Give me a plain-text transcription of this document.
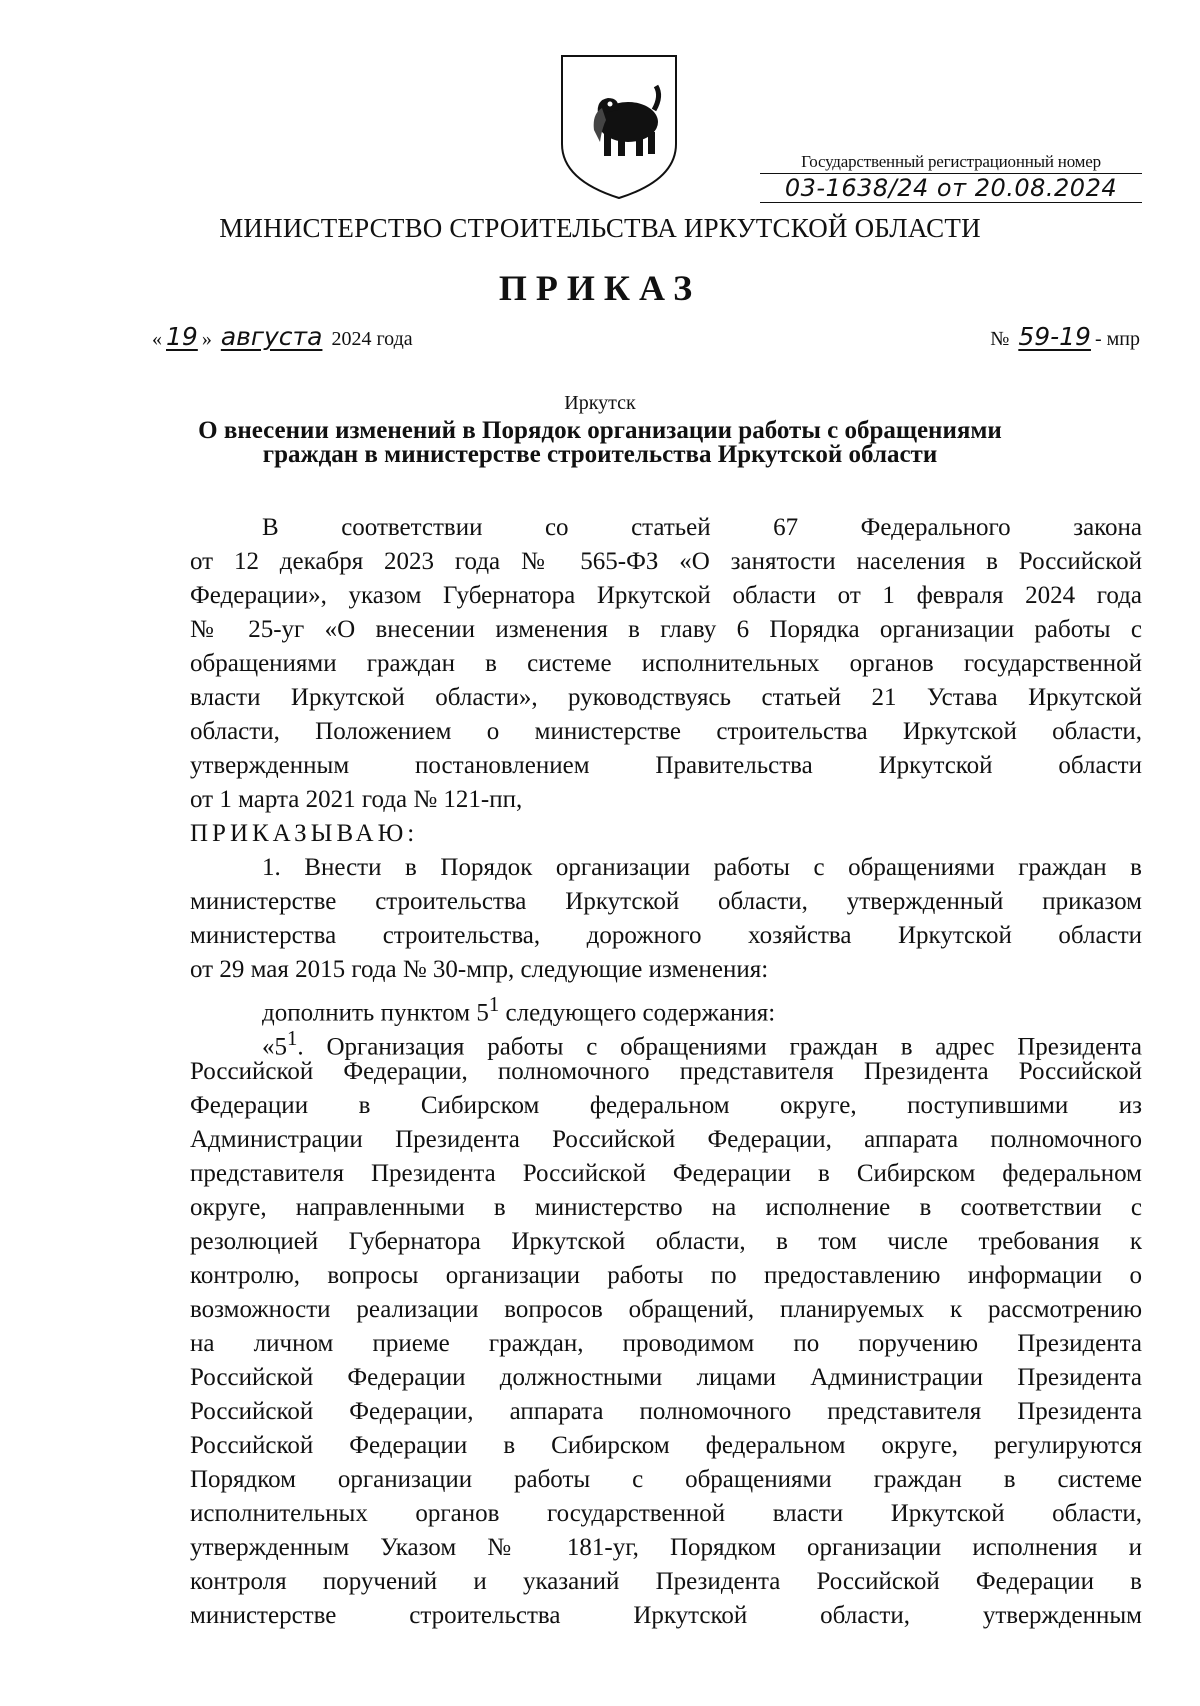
Государственный регистрационный номер
03-1638/24 от 20.08.2024
МИНИСТЕРСТВО СТРОИТЕЛЬСТВА ИРКУТСКОЙ ОБЛАСТИ
ПРИКАЗ
« 19 » августа 2024 года	№ 59-19 - мпр
Иркутск
О внесении изменений в Порядок организации работы с обращениями
граждан в министерстве строительства Иркутской области
В	соответствии	со	статьей	67	Федерального	закона
от 12 декабря 2023 года № 565-ФЗ «О занятости населения в Российской
Федерации», указом Губернатора Иркутской области от 1 февраля 2024 года
№ 25-уг «О внесении изменения в главу 6 Порядка организации работы с
обращениями граждан в системе исполнительных органов государственной
власти Иркутской области», руководствуясь статьей 21 Устава Иркутской
области, Положением о министерстве строительства Иркутской области,
утвержденным постановлением Правительства Иркутской области
от 1 марта 2021 года № 121-пп,
ПРИКАЗЫВАЮ:
1. Внести в Порядок организации работы с обращениями граждан в
министерстве строительства Иркутской области, утвержденный приказом
министерства строительства, дорожного хозяйства Иркутской области
от 29 мая 2015 года № 30-мпр, следующие изменения:
дополнить пунктом $5^1$ следующего содержания:
«$5^1$. Организация работы с обращениями граждан в адрес Президента
Российской Федерации, полномочного представителя Президента Российской
Федерации в Сибирском федеральном округе, поступившими из
Администрации Президента Российской Федерации, аппарата полномочного
представителя Президента Российской Федерации в Сибирском федеральном
округе, направленными в министерство на исполнение в соответствии с
резолюцией Губернатора Иркутской области, в том числе требования к
контролю, вопросы организации работы по предоставлению информации о
возможности реализации вопросов обращений, планируемых к рассмотрению
на личном приеме граждан, проводимом по поручению Президента
Российской Федерации должностными лицами Администрации Президента
Российской Федерации, аппарата полномочного представителя Президента
Российской Федерации в Сибирском федеральном округе, регулируются
Порядком организации работы с обращениями граждан в системе
исполнительных органов государственной власти Иркутской области,
утвержденным Указом № 181-уг, Порядком организации исполнения и
контроля поручений и указаний Президента Российской Федерации в
министерстве строительства Иркутской области, утвержденным
